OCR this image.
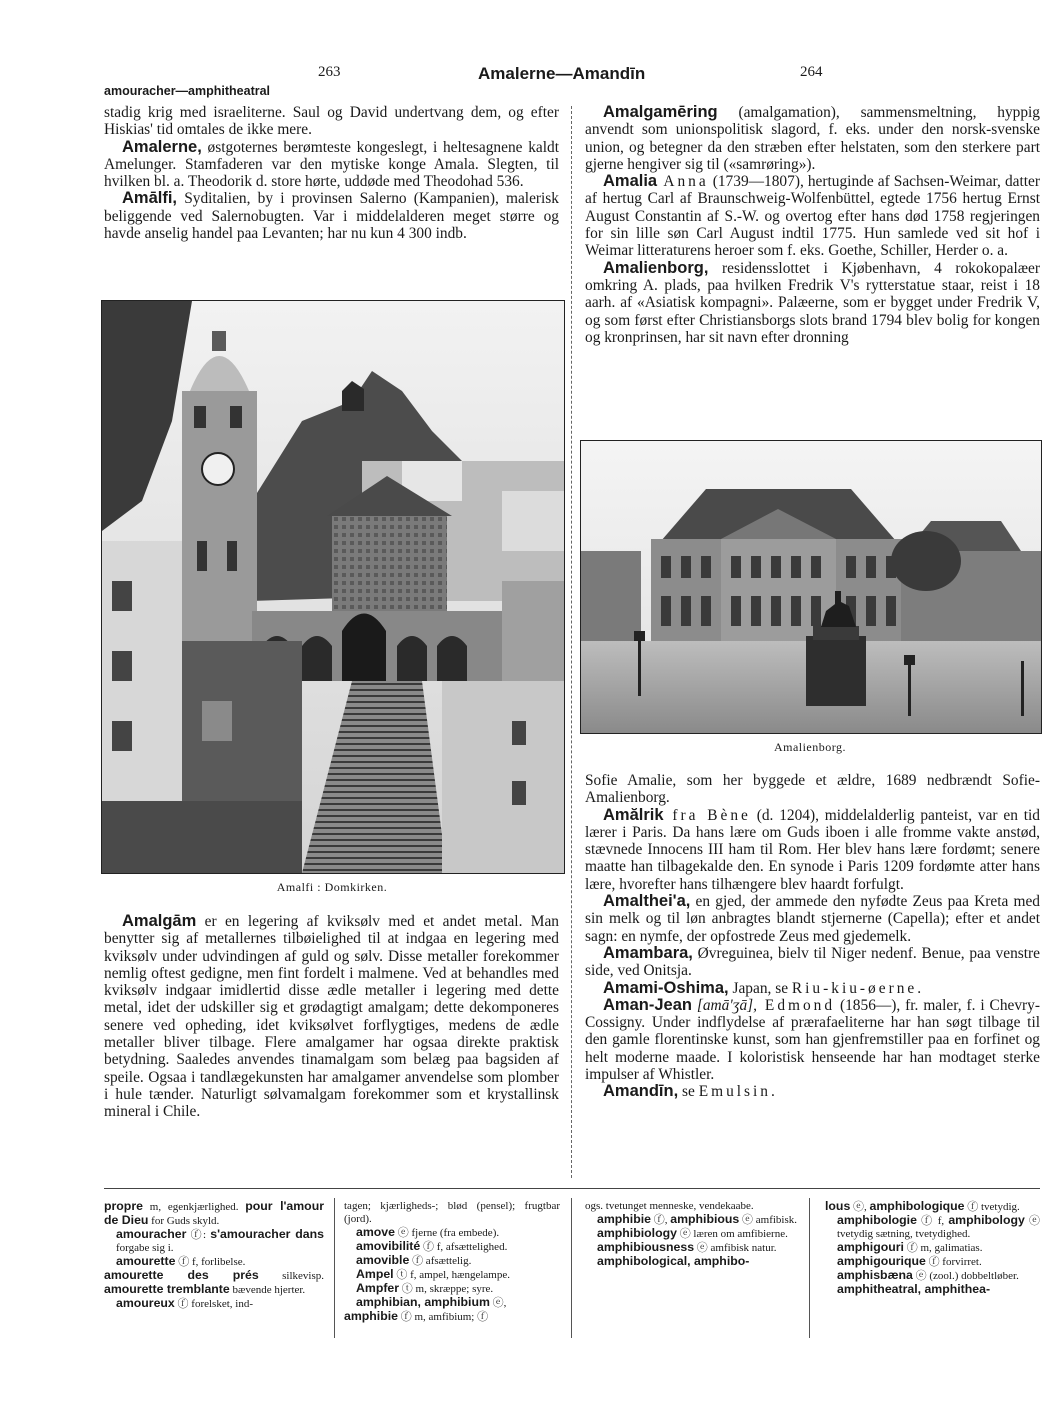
263	Amalerne—Amandīn	264
amouracher—amphitheatral

stadig krig med israeliterne. Saul og David undertvang dem, og efter Hiskias' tid omtales de ikke mere.

Amalerne, østgoternes berømteste kongeslegt, i heltesagnene kaldt Amelunger. Stamfaderen var den mytiske konge Amala. Slegten, til hvilken bl. a. Theodorik d. store hørte, uddøde med Theodohad 536.

Amālfi, Syditalien, by i provinsen Salerno (Kampanien), malerisk beliggende ved Salernobugten. Var i middelalderen meget større og havde anselig handel paa Levanten; har nu kun 4 300 indb.

Amalfi : Domkirken.

Amalgām er en legering af kviksølv med et andet metal. Man benytter sig af metallernes tilbøielighed til at indgaa en legering med kviksølv under udvindingen af guld og sølv. Disse metaller forekommer nemlig oftest gedigne, men fint fordelt i malmene. Ved at behandles med kviksølv indgaar imidlertid disse ædle metaller i legering med dette metal, idet der udskiller sig et grødagtigt amalgam; dette dekomponeres senere ved opheding, idet kviksølvet forflygtiges, medens de ædle metaller bliver tilbage. Flere amalgamer har ogsaa direkte praktisk betydning. Saaledes anvendes tinamalgam som belæg paa bagsiden af speile. Ogsaa i tandlægekunsten har amalgamer anvendelse som plomber i hule tænder. Naturligt sølvamalgam forekommer som et krystallinsk mineral i Chile.

Amalgamēring (amalgamation), sammensmeltning, hyppig anvendt som unionspolitisk slagord, f. eks. under den norsk-svenske union, og betegner da den stræben efter helstaten, som den sterkere part gjerne hengiver sig til («samrøring»).

Amalia Anna (1739—1807), hertuginde af Sachsen-Weimar, datter af hertug Carl af Braunschweig-Wolfenbüttel, egtede 1756 hertug Ernst August Constantin af S.-W. og overtog efter hans død 1758 regjeringen for sin lille søn Carl August indtil 1775. Hun samlede ved sit hof i Weimar litteraturens heroer som f. eks. Goethe, Schiller, Herder o. a.

Amalienborg, residensslottet i Kjøbenhavn, 4 rokokopalæer omkring A. plads, paa hvilken Fredrik V's rytterstatue staar, reist i 18 aarh. af «Asiatisk kompagni». Palæerne, som er bygget under Fredrik V, og som først efter Christiansborgs slots brand 1794 blev bolig for kongen og kronprinsen, har sit navn efter dronning

Amalienborg.

Sofie Amalie, som her byggede et ældre, 1689 nedbrændt Sofie-Amalienborg.

Amălrik fra Bène (d. 1204), middelalderlig panteist, var en tid lærer i Paris. Da hans lære om Guds iboen i alle fromme vakte anstød, stævnede Innocens III ham til Rom. Her blev hans lære fordømt; senere maatte han tilbagekalde den. En synode i Paris 1209 fordømte atter hans lære, hvorefter hans tilhængere blev haardt forfulgt.

Amalthei'a, en gjed, der ammede den nyfødte Zeus paa Kreta med sin melk og til løn anbragtes blandt stjernerne (Capella); efter et andet sagn: en nymfe, der opfostrede Zeus med gjedemelk.

Amambara, Øvreguinea, bielv til Niger nedenf. Benue, paa venstre side, ved Onitsja.

Amami-Oshima, Japan, se Riu-kiu-øerne.

Aman-Jean [amā'ʒā], Edmond (1856—), fr. maler, f. i Chevry-Cossigny. Under indflydelse af prærafaeliterne har han søgt tilbage til den gamle florentinske kunst, som han gjenfremstiller paa en forfinet og helt moderne maade. I koloristisk henseende har han modtaget sterke impulser af Whistler.

Amandīn, se Emulsin.

propre m, egenkjærlighed. pour l'amour de Dieu for Guds skyld.

amouracher ⓕ: s'amouracher dans forgabe sig i.

amourette ⓕ f, forlibelse.

amourette des prés silkevisp. amourette tremblante bævende hjerter.

amoureux ⓕ forelsket, ind-

tagen; kjærligheds-; blød (pensel); frugtbar (jord).

amove ⓔ fjerne (fra embede).

amovibilité ⓕ f, afsættelighed.

amovible ⓕ afsættelig.

Ampel ⓣ f, ampel, hængelampe.

Ampfer ⓣ m, skræppe; syre.

amphibian, amphibium ⓔ,

amphibie ⓕ m, amfibium; ⓕ

ogs. tvetunget menneske, vendekaabe.

amphibie ⓕ, amphibious ⓔ amfibisk.

amphibiology ⓔ læren om amfibierne.

amphibiousness ⓔ amfibisk natur.

amphibological, amphibo-

lous ⓔ, amphibologique ⓕ tvetydig.

amphibologie ⓕ f, amphibology ⓔ tvetydig sætning, tvetydighed.

amphigouri ⓕ m, galimatias.

amphigourique ⓕ forvirret.

amphisbæna ⓔ (zool.) dobbeltløber.

amphitheatral, amphithea-
